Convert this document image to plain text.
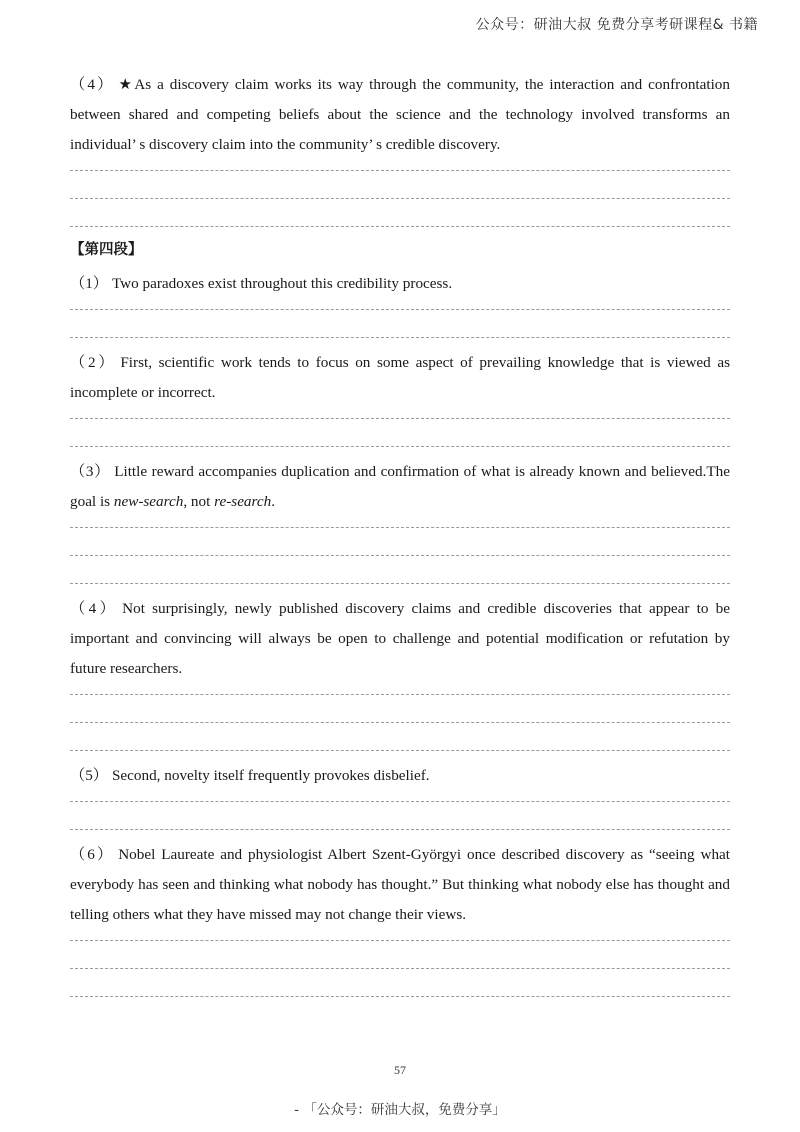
公众号：研油大叔 免费分享考研课程& 书籍

（4） ★As a discovery claim works its way through the community, the interaction and confrontation between shared and competing beliefs about the science and the technology involved transforms an individual’ s discovery claim into the community’ s credible discovery.

【第四段】

（1） Two paradoxes exist throughout this credibility process.

（2） First, scientific work tends to focus on some aspect of prevailing knowledge that is viewed as incomplete or incorrect.

（3） Little reward accompanies duplication and confirmation of what is already known and believed.The goal is new-search, not re-search.

（4） Not surprisingly, newly published discovery claims and credible discoveries that appear to be important and convincing will always be open to challenge and potential modification or refutation by future researchers.

（5） Second, novelty itself frequently provokes disbelief.

（6） Nobel Laureate and physiologist Albert Szent-Györgyi once described discovery as “seeing what everybody has seen and thinking what nobody has thought.” But thinking what nobody else has thought and telling others what they have missed may not change their views.

57
- 「公众号：研油大叔，免费分享」
